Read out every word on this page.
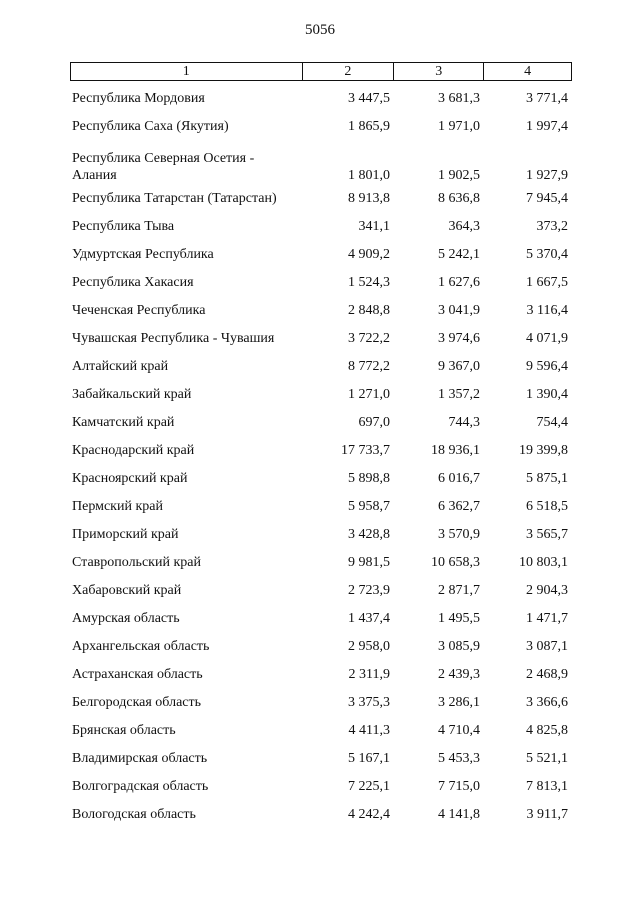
5056
1	2	3	4
Республика Мордовия	3 447,5	3 681,3	3 771,4
Республика Саха (Якутия)	1 865,9	1 971,0	1 997,4
Республика Северная Осетия - Алания	1 801,0	1 902,5	1 927,9
Республика Татарстан (Татарстан)	8 913,8	8 636,8	7 945,4
Республика Тыва	341,1	364,3	373,2
Удмуртская Республика	4 909,2	5 242,1	5 370,4
Республика Хакасия	1 524,3	1 627,6	1 667,5
Чеченская Республика	2 848,8	3 041,9	3 116,4
Чувашская Республика - Чувашия	3 722,2	3 974,6	4 071,9
Алтайский край	8 772,2	9 367,0	9 596,4
Забайкальский край	1 271,0	1 357,2	1 390,4
Камчатский край	697,0	744,3	754,4
Краснодарский край	17 733,7	18 936,1	19 399,8
Красноярский край	5 898,8	6 016,7	5 875,1
Пермский край	5 958,7	6 362,7	6 518,5
Приморский край	3 428,8	3 570,9	3 565,7
Ставропольский край	9 981,5	10 658,3	10 803,1
Хабаровский край	2 723,9	2 871,7	2 904,3
Амурская область	1 437,4	1 495,5	1 471,7
Архангельская область	2 958,0	3 085,9	3 087,1
Астраханская область	2 311,9	2 439,3	2 468,9
Белгородская область	3 375,3	3 286,1	3 366,6
Брянская область	4 411,3	4 710,4	4 825,8
Владимирская область	5 167,1	5 453,3	5 521,1
Волгоградская область	7 225,1	7 715,0	7 813,1
Вологодская область	4 242,4	4 141,8	3 911,7
